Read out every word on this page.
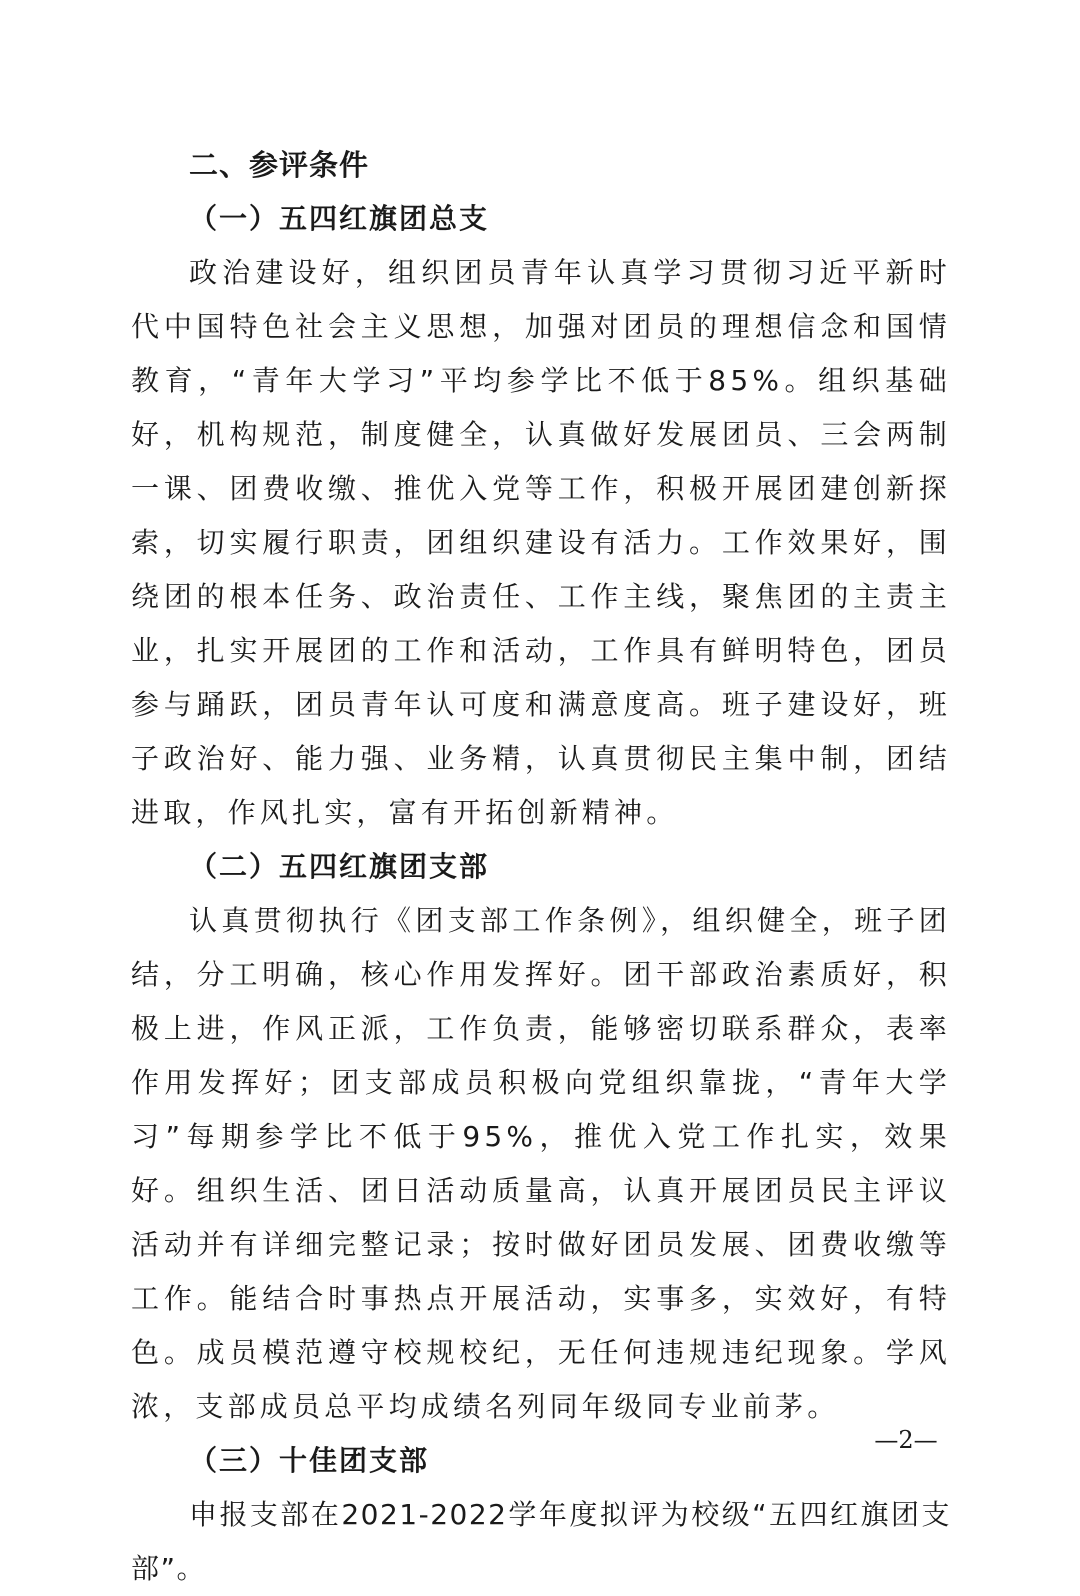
二、参评条件
（一）五四红旗团总支

政治建设好，组织团员青年认真学习贯彻习近平新时代中国特色社会主义思想，加强对团员的理想信念和国情教育，“青年大学习”平均参学比不低于85%。组织基础好，机构规范，制度健全，认真做好发展团员、三会两制一课、团费收缴、推优入党等工作，积极开展团建创新探索，切实履行职责，团组织建设有活力。工作效果好，围绕团的根本任务、政治责任、工作主线，聚焦团的主责主业，扎实开展团的工作和活动，工作具有鲜明特色，团员参与踊跃，团员青年认可度和满意度高。班子建设好，班子政治好、能力强、业务精，认真贯彻民主集中制，团结进取，作风扎实，富有开拓创新精神。

（二）五四红旗团支部

认真贯彻执行《团支部工作条例》，组织健全，班子团结，分工明确，核心作用发挥好。团干部政治素质好，积极上进，作风正派，工作负责，能够密切联系群众，表率作用发挥好；团支部成员积极向党组织靠拢，“青年大学习”每期参学比不低于95%，推优入党工作扎实，效果好。组织生活、团日活动质量高，认真开展团员民主评议活动并有详细完整记录；按时做好团员发展、团费收缴等工作。能结合时事热点开展活动，实事多，实效好，有特色。成员模范遵守校规校纪，无任何违规违纪现象。学风浓，支部成员总平均成绩名列同年级同专业前茅。

（三）十佳团支部

申报支部在2021-2022学年度拟评为校级“五四红旗团支部”。

—2—
